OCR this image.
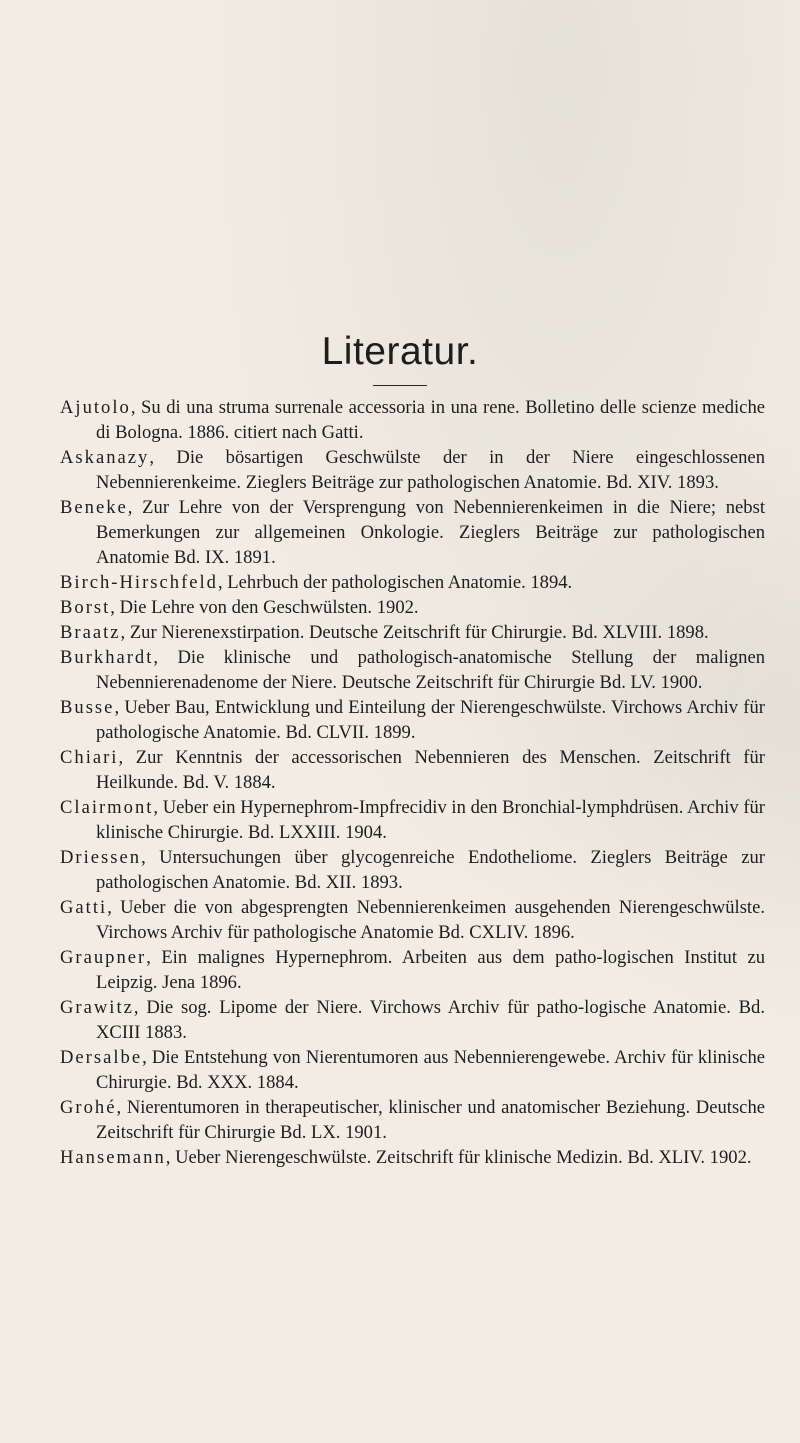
Literatur.

Ajutolo, Su di una struma surrenale accessoria in una rene. Bolletino delle scienze mediche di Bologna. 1886. citiert nach Gatti.

Askanazy, Die bösartigen Geschwülste der in der Niere eingeschlossenen Nebennierenkeime. Zieglers Beiträge zur pathologischen Anatomie. Bd. XIV. 1893.

Beneke, Zur Lehre von der Versprengung von Nebennierenkeimen in die Niere; nebst Bemerkungen zur allgemeinen Onkologie. Zieglers Beiträge zur pathologischen Anatomie Bd. IX. 1891.

Birch-Hirschfeld, Lehrbuch der pathologischen Anatomie. 1894.

Borst, Die Lehre von den Geschwülsten. 1902.

Braatz, Zur Nierenexstirpation. Deutsche Zeitschrift für Chirurgie. Bd. XLVIII. 1898.

Burkhardt, Die klinische und pathologisch-anatomische Stellung der malignen Nebennierenadenome der Niere. Deutsche Zeitschrift für Chirurgie Bd. LV. 1900.

Busse, Ueber Bau, Entwicklung und Einteilung der Nierengeschwülste. Virchows Archiv für pathologische Anatomie. Bd. CLVII. 1899.

Chiari, Zur Kenntnis der accessorischen Nebennieren des Menschen. Zeitschrift für Heilkunde. Bd. V. 1884.

Clairmont, Ueber ein Hypernephrom-Impfrecidiv in den Bronchial-lymphdrüsen. Archiv für klinische Chirurgie. Bd. LXXIII. 1904.

Driessen, Untersuchungen über glycogenreiche Endotheliome. Zieglers Beiträge zur pathologischen Anatomie. Bd. XII. 1893.

Gatti, Ueber die von abgesprengten Nebennierenkeimen ausgehenden Nierengeschwülste. Virchows Archiv für pathologische Anatomie Bd. CXLIV. 1896.

Graupner, Ein malignes Hypernephrom. Arbeiten aus dem patho-logischen Institut zu Leipzig. Jena 1896.

Grawitz, Die sog. Lipome der Niere. Virchows Archiv für patho-logische Anatomie. Bd. XCIII 1883.

Dersalbe, Die Entstehung von Nierentumoren aus Nebennierengewebe. Archiv für klinische Chirurgie. Bd. XXX. 1884.

Grohé, Nierentumoren in therapeutischer, klinischer und anatomischer Beziehung. Deutsche Zeitschrift für Chirurgie Bd. LX. 1901.

Hansemann, Ueber Nierengeschwülste. Zeitschrift für klinische Medizin. Bd. XLIV. 1902.
